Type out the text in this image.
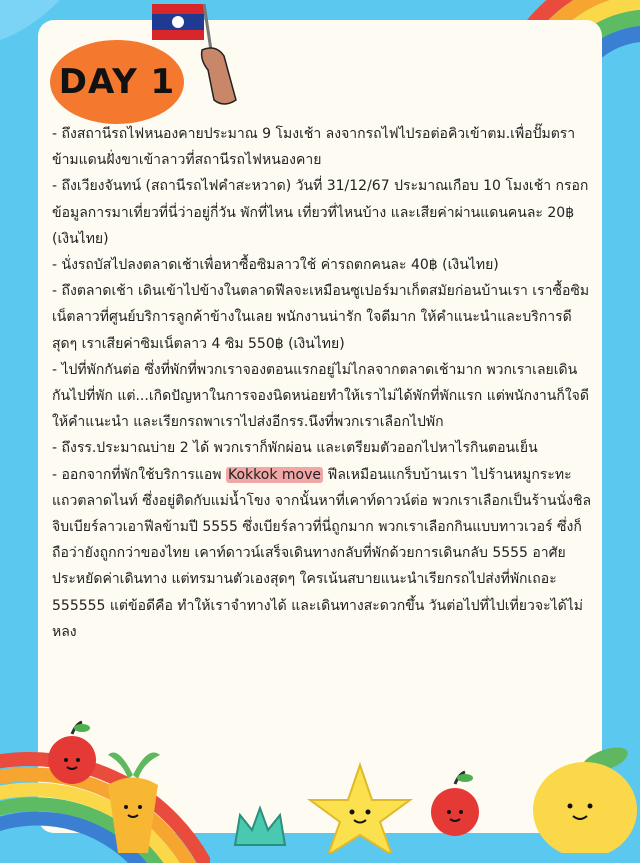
DAY 1

- ถึงสถานีรถไฟหนองคายประมาณ 9 โมงเช้า ลงจากรถไฟไปรอต่อคิวเข้าตม.เพื่อปั๊มตราข้ามแดนฝั่งขาเข้าลาวที่สถานีรถไฟหนองคาย

- ถึงเวียงจันทน์ (สถานีรถไฟคำสะหวาด) วันที่ 31/12/67 ประมาณเกือบ 10 โมงเช้า กรอกข้อมูลการมาเที่ยวที่นี่ว่าอยู่กี่วัน พักที่ไหน เที่ยวที่ไหนบ้าง และเสียค่าผ่านแดนคนละ 20฿ (เงินไทย)

- นั่งรถบัสไปลงตลาดเช้าเพื่อหาซื้อซิมลาวใช้ ค่ารถตกคนละ 40฿ (เงินไทย)

- ถึงตลาดเช้า เดินเข้าไปข้างในตลาดฟีลจะเหมือนซูเปอร์มาเก็ตสมัยก่อนบ้านเรา เราซื้อซิมเน็ตลาวที่ศูนย์บริการลูกค้าข้างในเลย พนักงานน่ารัก ใจดีมาก ให้คำแนะนำและบริการดีสุดๆ เราเสียค่าซิมเน็ตลาว 4 ซิม 550฿ (เงินไทย)

- ไปที่พักกันต่อ ซึ่งที่พักที่พวกเราจองตอนแรกอยู่ไม่ไกลจากตลาดเช้ามาก พวกเราเลยเดินกันไปที่พัก แต่...เกิดปัญหาในการจองนิดหน่อยทำให้เราไม่ได้พักที่พักแรก แต่พนักงานก็ใจดีให้คำแนะนำ และเรียกรถพาเราไปส่งอีกรร.นึงที่พวกเราเลือกไปพัก

- ถึงรร.ประมาณบ่าย 2 ได้ พวกเราก็พักผ่อน และเตรียมตัวออกไปหาไรกินตอนเย็น

- ออกจากที่พักใช้บริการแอพ Kokkok move ฟีลเหมือนแกร็บบ้านเรา ไปร้านหมูกระทะแถวตลาดไนท์ ซึ่งอยู่ติดกับแม่น้ำโขง จากนั้นหาที่เคาท์ดาวน์ต่อ พวกเราเลือกเป็นร้านนั่งชิลจิบเบียร์ลาวเอาฟีลข้ามปี 5555 ซึ่งเบียร์ลาวที่นี่ถูกมาก พวกเราเลือกกินแบบทาวเวอร์ ซึ่งก็ถือว่ายังถูกกว่าของไทย เคาท์ดาวน์เสร็จเดินทางกลับที่พักด้วยการเดินกลับ 5555 อาศัยประหยัดค่าเดินทาง แต่ทรมานตัวเองสุดๆ ใครเน้นสบายแนะนำเรียกรถไปส่งที่พักเถอะ 555555 แต่ข้อดีคือ ทำให้เราจำทางได้ และเดินทางสะดวกขึ้น วันต่อไปที่ไปเที่ยวจะได้ไม่หลง
